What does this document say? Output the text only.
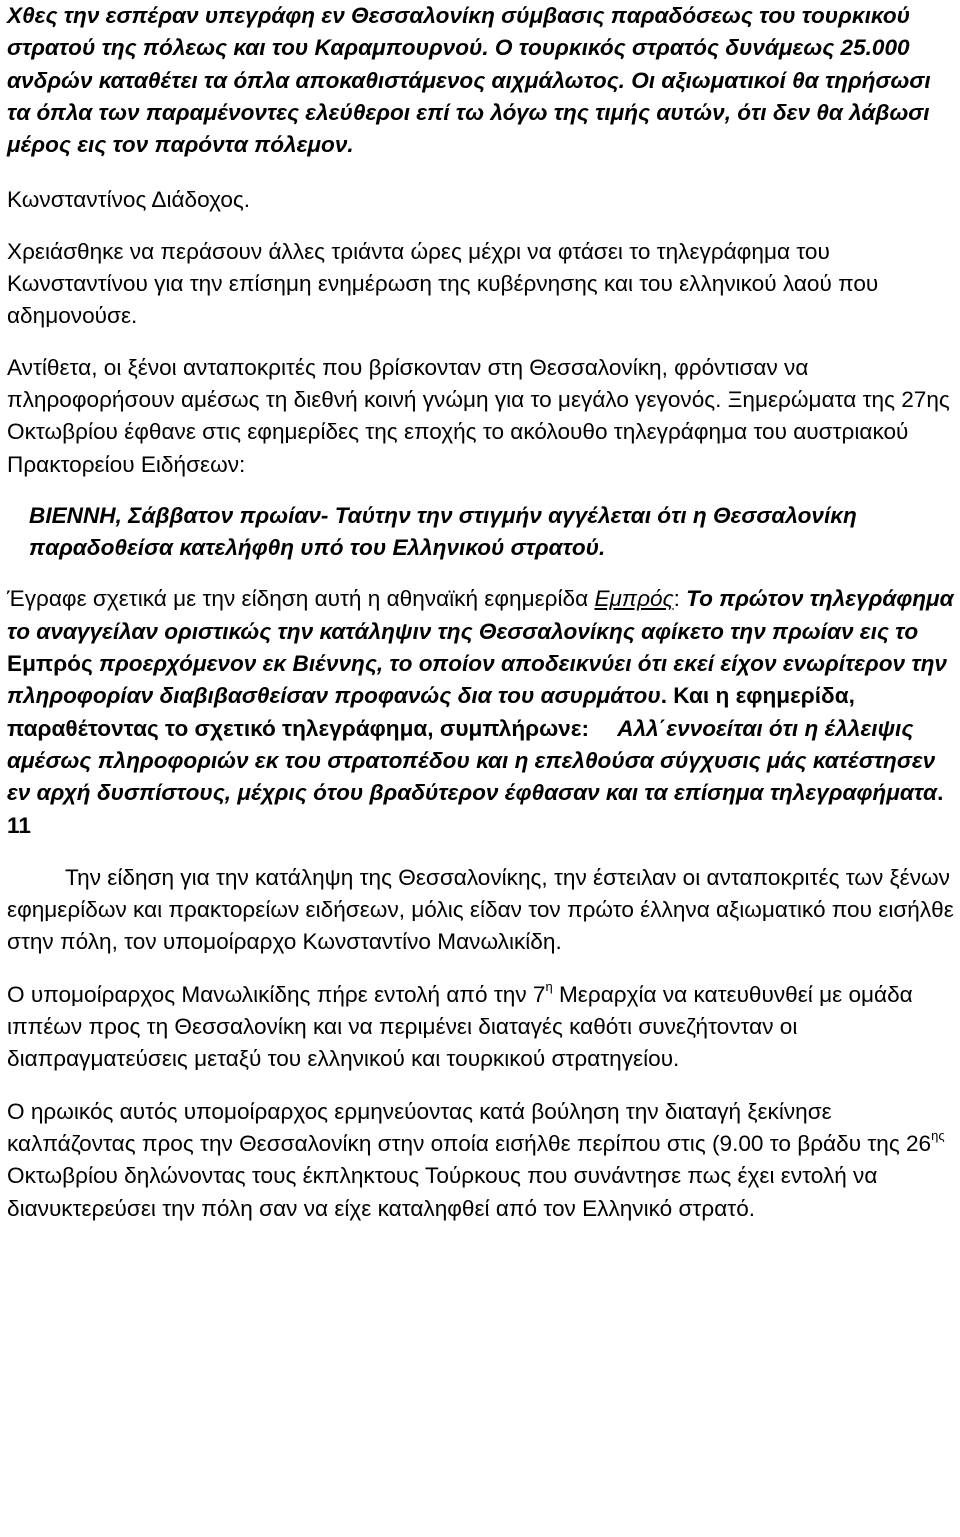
Χθες την εσπέραν υπεγράφη εν Θεσσαλονίκη σύμβασις παραδόσεως του τουρκικού στρατού της πόλεως και του Καραμπουρνού. Ο τουρκικός στρατός δυνάμεως 25.000 ανδρών καταθέτει τα όπλα αποκαθιστάμενος αιχμάλωτος. Οι αξιωματικοί θα τηρήσωσι τα όπλα των παραμένοντες ελεύθεροι επί τω λόγω της τιμής αυτών, ότι δεν θα λάβωσι μέρος εις τον παρόντα πόλεμον.

Κωνσταντίνος Διάδοχος.

Χρειάσθηκε να περάσουν άλλες τριάντα ώρες μέχρι να φτάσει το τηλεγράφημα του Κωνσταντίνου για την επίσημη ενημέρωση της κυβέρνησης και του ελληνικού λαού που αδημονούσε.

Αντίθετα, οι ξένοι ανταποκριτές που βρίσκονταν στη Θεσσαλονίκη, φρόντισαν να πληροφορήσουν αμέσως τη διεθνή κοινή γνώμη για το μεγάλο γεγονός. Ξημερώματα της 27ης Οκτωβρίου έφθανε στις εφημερίδες της εποχής το ακόλουθο τηλεγράφημα του αυστριακού Πρακτορείου Ειδήσεων:

ΒΙΕΝΝΗ, Σάββατον πρωίαν- Ταύτην την στιγμήν αγγέλεται ότι η Θεσσαλονίκη παραδοθείσα κατελήφθη υπό του Ελληνικού στρατού.

Έγραφε σχετικά με την είδηση αυτή η αθηναϊκή εφημερίδα Εμπρός: Το πρώτον τηλεγράφημα το αναγγείλαν οριστικώς την κατάληψιν της Θεσσαλονίκης αφίκετο την πρωίαν εις το Εμπρός προερχόμενον εκ Βιέννης, το οποίον αποδεικνύει ότι εκεί είχον ενωρίτερον την πληροφορίαν διαβιβασθείσαν προφανώς δια του ασυρμάτου. Και η εφημερίδα, παραθέτοντας το σχετικό τηλεγράφημα, συμπλήρωνε: Αλλ΄εννοείται ότι η έλλειψις αμέσως πληροφοριών εκ του στρατοπέδου και η επελθούσα σύγχυσις μάς κατέστησεν εν αρχή δυσπίστους, μέχρις ότου βραδύτερον έφθασαν και τα επίσημα τηλεγραφήματα. 11

Την είδηση για την κατάληψη της Θεσσαλονίκης, την έστειλαν οι ανταποκριτές των ξένων εφημερίδων και πρακτορείων ειδήσεων, μόλις είδαν τον πρώτο έλληνα αξιωματικό που εισήλθε στην πόλη, τον υπομοίραρχο Κωνσταντίνο Μανωλικίδη.

Ο υπομοίραρχος Μανωλικίδης πήρε εντολή από την $7^\eta$ Μεραρχία να κατευθυνθεί με ομάδα ιππέων προς τη Θεσσαλονίκη και να περιμένει διαταγές καθότι συνεζήτονταν οι διαπραγματεύσεις μεταξύ του ελληνικού και τουρκικού στρατηγείου.

Ο ηρωικός αυτός υπομοίραρχος ερμηνεύοντας κατά βούληση την διαταγή ξεκίνησε καλπάζοντας προς την Θεσσαλονίκη στην οποία εισήλθε περίπου στις (9.00 το βράδυ της $26^{\eta\varsigma}$ Οκτωβρίου δηλώνοντας τους έκπληκτους Τούρκους που συνάντησε πως έχει εντολή να διανυκτερεύσει την πόλη σαν να είχε καταληφθεί από τον Ελληνικό στρατό.
